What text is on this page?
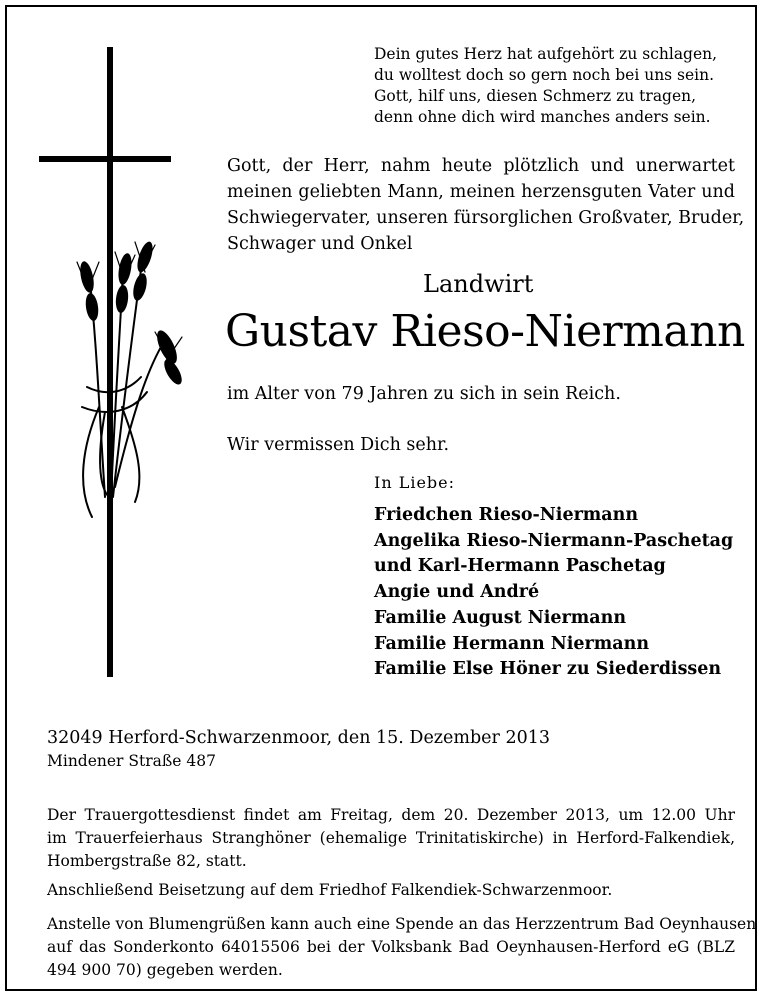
Dein gutes Herz hat aufgehört zu schlagen,
du wolltest doch so gern noch bei uns sein.
Gott, hilf uns, diesen Schmerz zu tragen,
denn ohne dich wird manches anders sein.
Gott, der Herr, nahm heute plötzlich und unerwartet
meinen geliebten Mann, meinen herzensguten Vater und
Schwiegervater, unseren fürsorglichen Großvater, Bruder,
Schwager und Onkel
Landwirt
Gustav Rieso-Niermann
im Alter von 79 Jahren zu sich in sein Reich.
Wir vermissen Dich sehr.
In Liebe:
Friedchen Rieso-Niermann
Angelika Rieso-Niermann-Paschetag
und Karl-Hermann Paschetag
Angie und André
Familie August Niermann
Familie Hermann Niermann
Familie Else Höner zu Siederdissen
32049 Herford-Schwarzenmoor, den 15. Dezember 2013
Mindener Straße 487
Der Trauergottesdienst findet am Freitag, dem 20. Dezember 2013, um 12.00 Uhr
im Trauerfeierhaus Stranghöner (ehemalige Trinitatiskirche) in Herford-Falkendiek,
Hombergstraße 82, statt.
Anschließend Beisetzung auf dem Friedhof Falkendiek-Schwarzenmoor.
Anstelle von Blumengrüßen kann auch eine Spende an das Herzzentrum Bad Oeynhausen
auf das Sonderkonto 64015506 bei der Volksbank Bad Oeynhausen-Herford eG (BLZ
494 900 70) gegeben werden.
